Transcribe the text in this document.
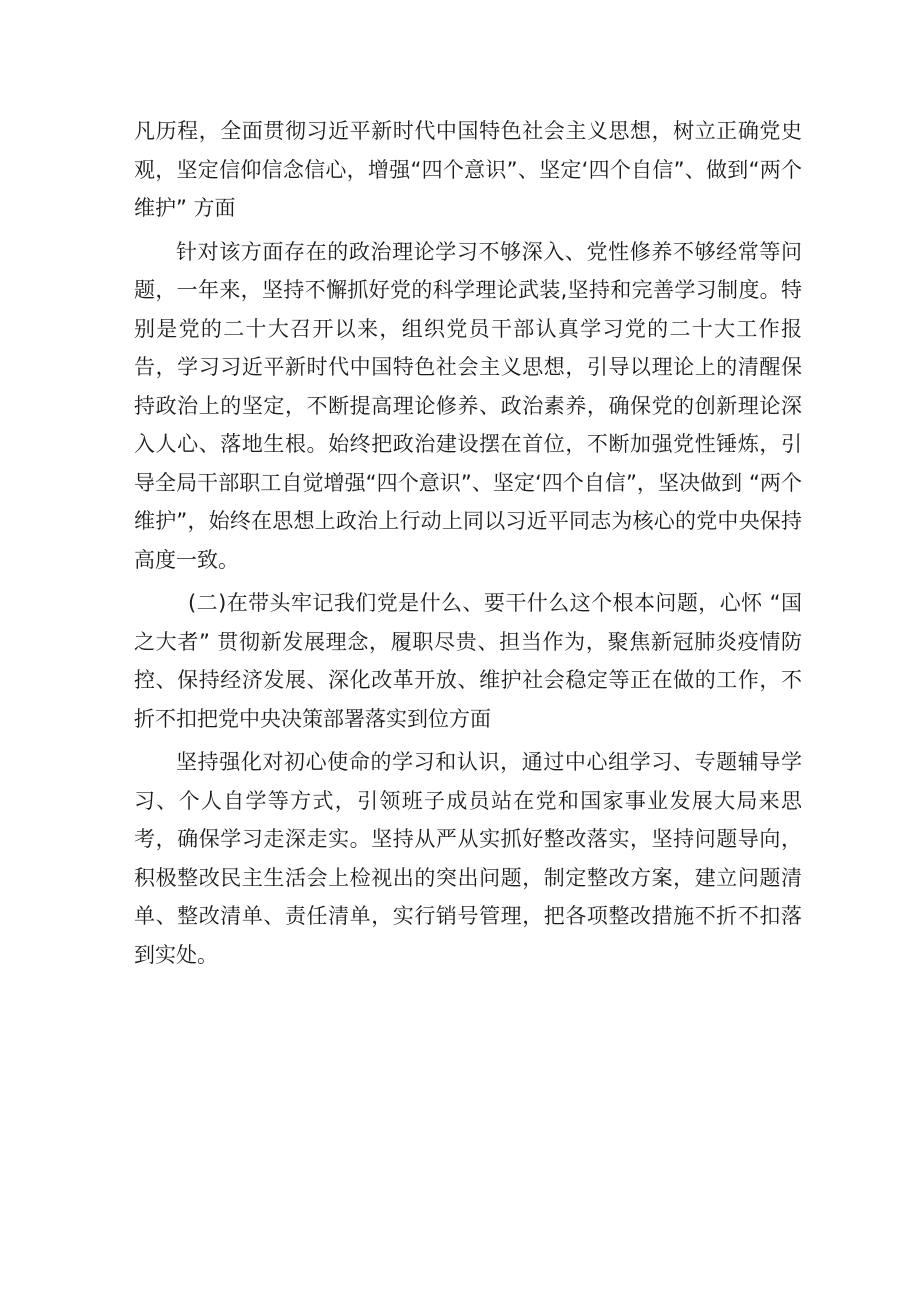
凡历程，全面贯彻习近平新时代中国特色社会主义思想，树立正确党史观，坚定信仰信念信心，增强“四个意识”、坚定‘四个自信”、做到“两个维护” 方面

针对该方面存在的政治理论学习不够深入、党性修养不够经常等问题，一年来，坚持不懈抓好党的科学理论武装,坚持和完善学习制度。特别是党的二十大召开以来，组织党员干部认真学习党的二十大工作报告，学习习近平新时代中国特色社会主义思想，引导以理论上的清醒保持政治上的坚定，不断提高理论修养、政治素养，确保党的创新理论深入人心、落地生根。始终把政治建设摆在首位，不断加强党性锤炼，引导全局干部职工自觉增强“四个意识”、坚定‘四个自信”，坚决做到 “两个维护”，始终在思想上政治上行动上同以习近平同志为核心的党中央保持高度一致。

(二)在带头牢记我们党是什么、要干什么这个根本问题，心怀 “国之大者” 贯彻新发展理念，履职尽贵、担当作为，聚焦新冠肺炎疫情防控、保持经济发展、深化改革开放、维护社会稳定等正在做的工作，不折不扣把党中央决策部署落实到位方面

坚持强化对初心使命的学习和认识，通过中心组学习、专题辅导学习、个人自学等方式，引领班子成员站在党和国家事业发展大局来思考，确保学习走深走实。坚持从严从实抓好整改落实，坚持问题导向，积极整改民主生活会上检视出的突出问题，制定整改方案，建立问题清单、整改清单、责任清单，实行销号管理，把各项整改措施不折不扣落到实处。
